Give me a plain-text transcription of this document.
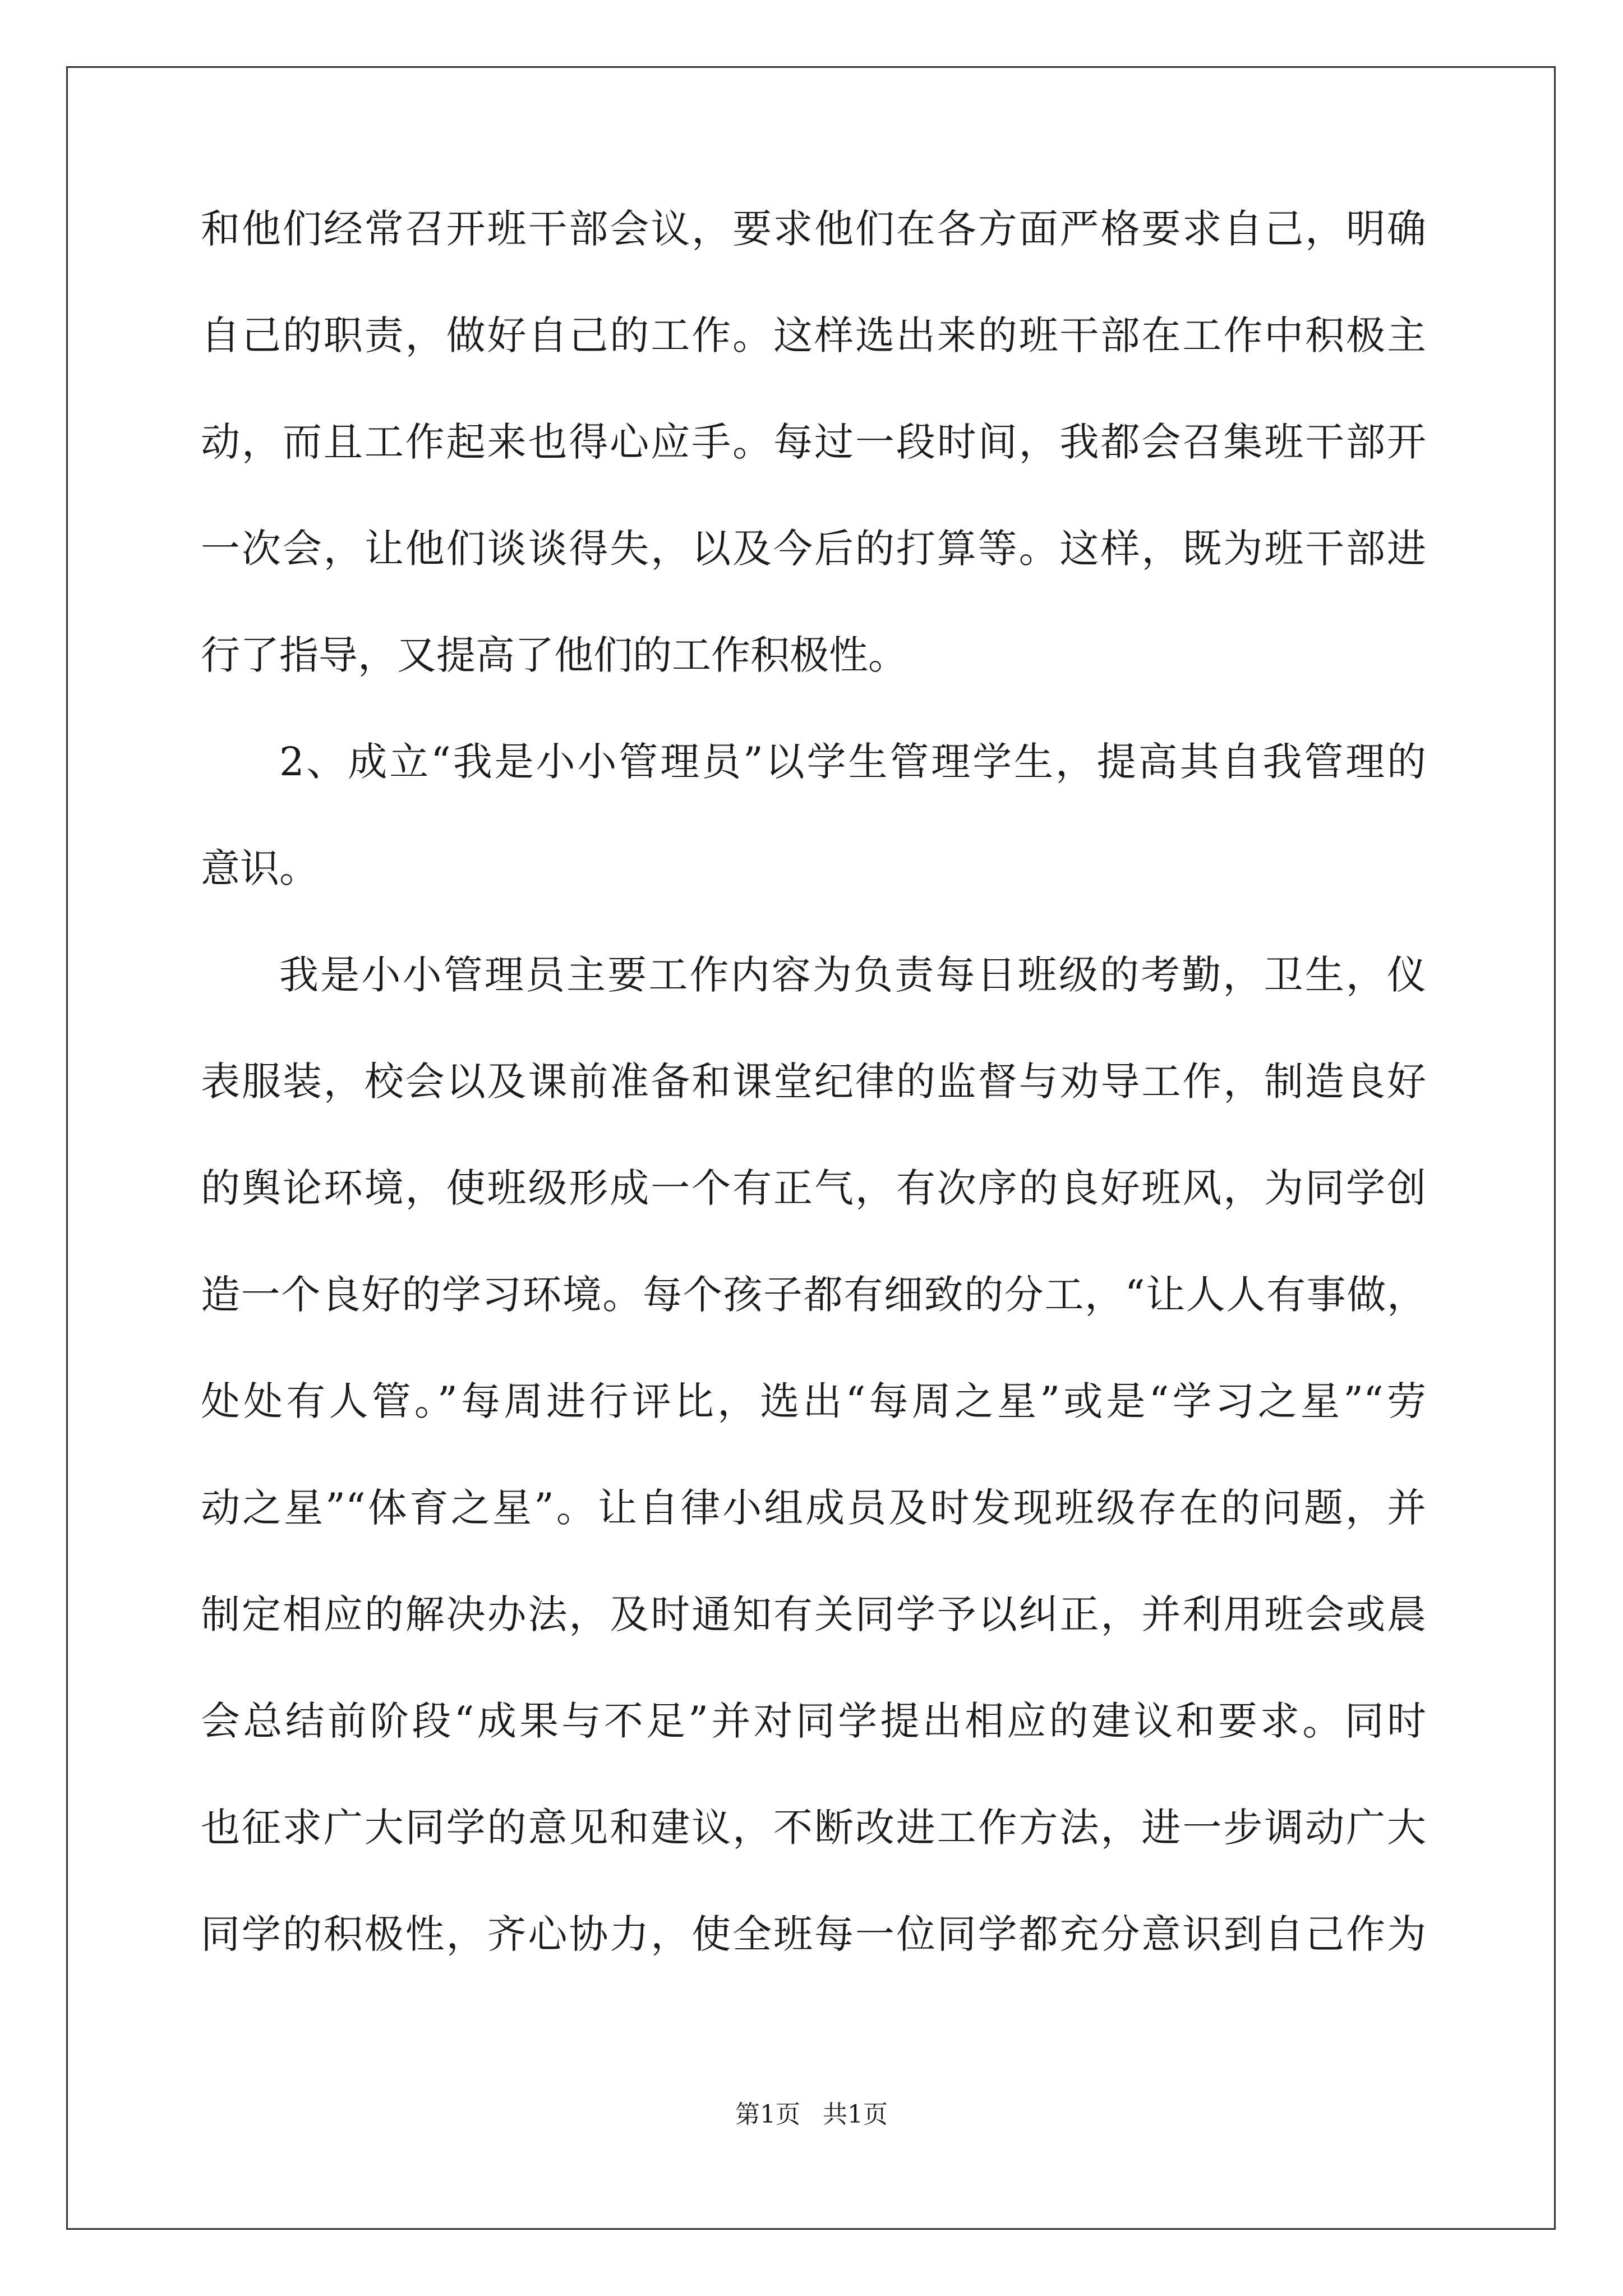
和他们经常召开班干部会议，要求他们在各方面严格要求自己，明确
自己的职责，做好自己的工作。这样选出来的班干部在工作中积极主
动，而且工作起来也得心应手。每过一段时间，我都会召集班干部开
一次会，让他们谈谈得失，以及今后的打算等。这样，既为班干部进
行了指导，又提高了他们的工作积极性。
2、成立“我是小小管理员”以学生管理学生，提高其自我管理的
意识。
我是小小管理员主要工作内容为负责每日班级的考勤，卫生，仪
表服装，校会以及课前准备和课堂纪律的监督与劝导工作，制造良好
的舆论环境，使班级形成一个有正气，有次序的良好班风，为同学创
造一个良好的学习环境。每个孩子都有细致的分工，“让人人有事做，
处处有人管。”每周进行评比，选出“每周之星”或是“学习之星”“劳
动之星”“体育之星”。让自律小组成员及时发现班级存在的问题，并
制定相应的解决办法，及时通知有关同学予以纠正，并利用班会或晨
会总结前阶段“成果与不足”并对同学提出相应的建议和要求。同时
也征求广大同学的意见和建议，不断改进工作方法，进一步调动广大
同学的积极性，齐心协力，使全班每一位同学都充分意识到自己作为
第1页 共1页
